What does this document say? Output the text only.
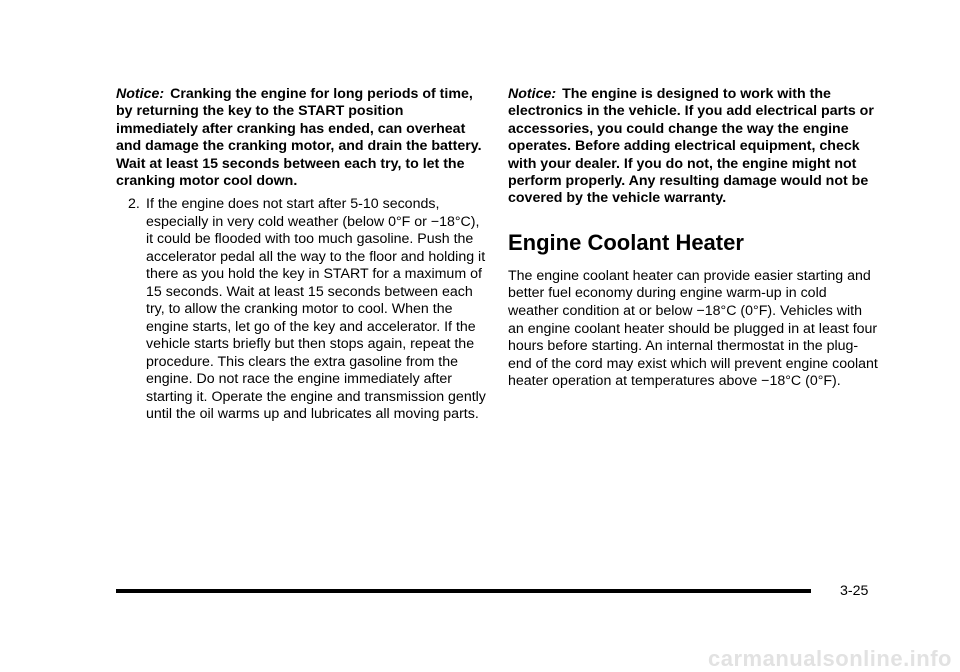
Notice: Cranking the engine for long periods of time, by returning the key to the START position immediately after cranking has ended, can overheat and damage the cranking motor, and drain the battery. Wait at least 15 seconds between each try, to let the cranking motor cool down.

2. If the engine does not start after 5-10 seconds, especially in very cold weather (below 0°F or −18°C), it could be flooded with too much gasoline. Push the accelerator pedal all the way to the floor and holding it there as you hold the key in START for a maximum of 15 seconds. Wait at least 15 seconds between each try, to allow the cranking motor to cool. When the engine starts, let go of the key and accelerator. If the vehicle starts briefly but then stops again, repeat the procedure. This clears the extra gasoline from the engine. Do not race the engine immediately after starting it. Operate the engine and transmission gently until the oil warms up and lubricates all moving parts.

Notice: The engine is designed to work with the electronics in the vehicle. If you add electrical parts or accessories, you could change the way the engine operates. Before adding electrical equipment, check with your dealer. If you do not, the engine might not perform properly. Any resulting damage would not be covered by the vehicle warranty.

Engine Coolant Heater

The engine coolant heater can provide easier starting and better fuel economy during engine warm-up in cold weather condition at or below −18°C (0°F). Vehicles with an engine coolant heater should be plugged in at least four hours before starting. An internal thermostat in the plug-end of the cord may exist which will prevent engine coolant heater operation at temperatures above −18°C (0°F).

3-25
carmanualsonline.info
